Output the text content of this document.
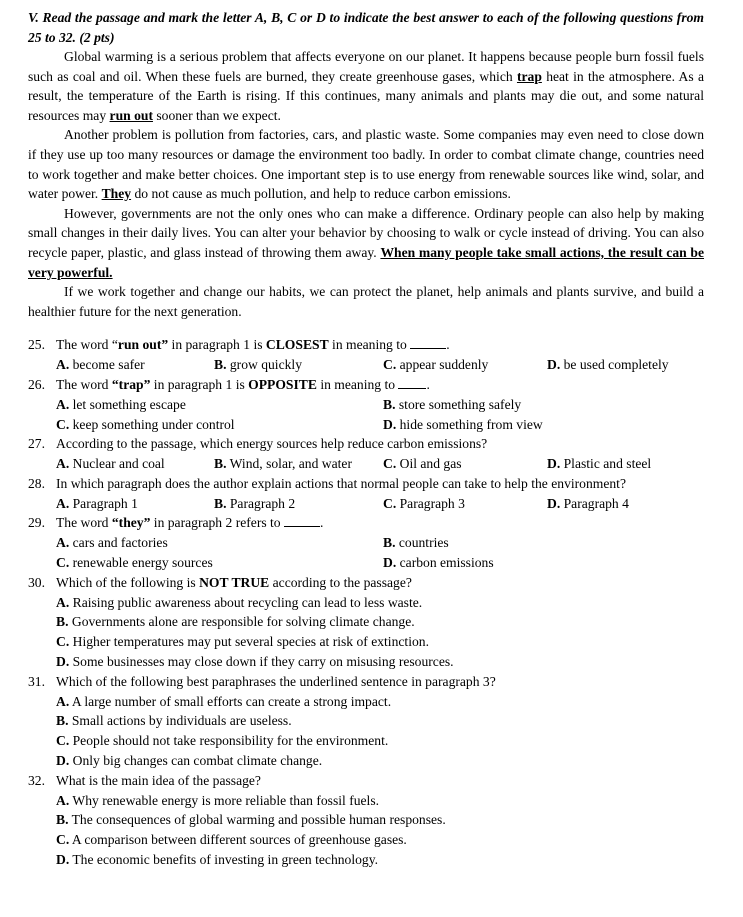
V. Read the passage and mark the letter A, B, C or D to indicate the best answer to each of the following questions from 25 to 32. (2 pts)

Global warming is a serious problem that affects everyone on our planet. It happens because people burn fossil fuels such as coal and oil. When these fuels are burned, they create greenhouse gases, which trap heat in the atmosphere. As a result, the temperature of the Earth is rising. If this continues, many animals and plants may die out, and some natural resources may run out sooner than we expect.

Another problem is pollution from factories, cars, and plastic waste. Some companies may even need to close down if they use up too many resources or damage the environment too badly. In order to combat climate change, countries need to work together and make better choices. One important step is to use energy from renewable sources like wind, solar, and water power. They do not cause as much pollution, and help to reduce carbon emissions.

However, governments are not the only ones who can make a difference. Ordinary people can also help by making small changes in their daily lives. You can alter your behavior by choosing to walk or cycle instead of driving. You can also recycle paper, plastic, and glass instead of throwing them away. When many people take small actions, the result can be very powerful.

If we work together and change our habits, we can protect the planet, help animals and plants survive, and build a healthier future for the next generation.

25. The word “run out” in paragraph 1 is CLOSEST in meaning to	.
A. become safer	B. grow quickly	C. appear suddenly	D. be used completely
26. The word “trap” in paragraph 1 is OPPOSITE in meaning to .
A. let something escape	B. store something safely
C. keep something under control	D. hide something from view
27. According to the passage, which energy sources help reduce carbon emissions?
A. Nuclear and coal	B. Wind, solar, and water C. Oil and gas	D. Plastic and steel
28. In which paragraph does the author explain actions that normal people can take to help the environment?
A. Paragraph 1	B. Paragraph 2	C. Paragraph 3	D. Paragraph 4
29. The word “they” in paragraph 2 refers to	.
A. cars and factories	B. countries
C. renewable energy sources	D. carbon emissions
30. Which of the following is NOT TRUE according to the passage?
A. Raising public awareness about recycling can lead to less waste.
B. Governments alone are responsible for solving climate change.
C. Higher temperatures may put several species at risk of extinction.
D. Some businesses may close down if they carry on misusing resources.
31. Which of the following best paraphrases the underlined sentence in paragraph 3?
A. A large number of small efforts can create a strong impact.
B. Small actions by individuals are useless.
C. People should not take responsibility for the environment.
D. Only big changes can combat climate change.
32. What is the main idea of the passage?
A. Why renewable energy is more reliable than fossil fuels.
B. The consequences of global warming and possible human responses.
C. A comparison between different sources of greenhouse gases.
D. The economic benefits of investing in green technology.
